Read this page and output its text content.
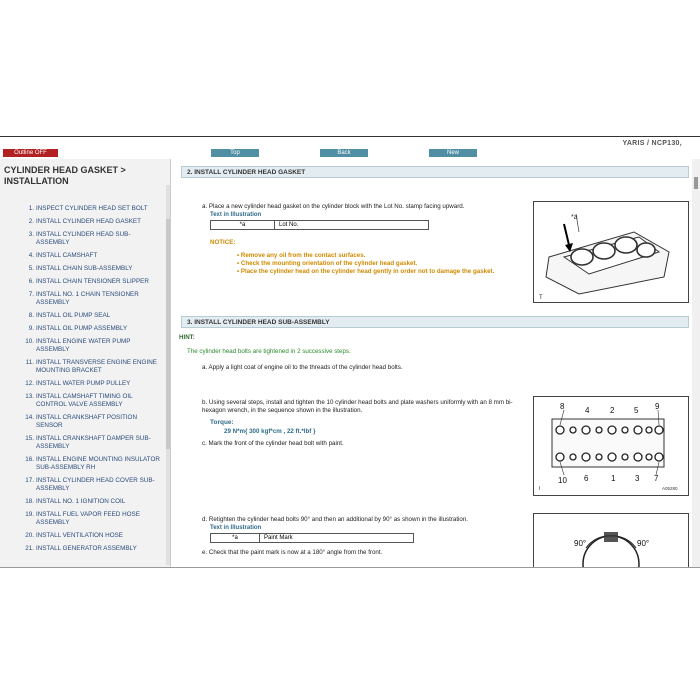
Outline OFF	Top	Back	New
YARIS / NCP130,
CYLINDER HEAD GASKET > INSTALLATION
1. INSPECT CYLINDER HEAD SET BOLT
2. INSTALL CYLINDER HEAD GASKET
3. INSTALL CYLINDER HEAD SUB-ASSEMBLY
4. INSTALL CAMSHAFT
5. INSTALL CHAIN SUB-ASSEMBLY
6. INSTALL CHAIN TENSIONER SLIPPER
7. INSTALL NO. 1 CHAIN TENSIONER ASSEMBLY
8. INSTALL OIL PUMP SEAL
9. INSTALL OIL PUMP ASSEMBLY
10. INSTALL ENGINE WATER PUMP ASSEMBLY
11. INSTALL TRANSVERSE ENGINE ENGINE MOUNTING BRACKET
12. INSTALL WATER PUMP PULLEY
13. INSTALL CAMSHAFT TIMING OIL CONTROL VALVE ASSEMBLY
14. INSTALL CRANKSHAFT POSITION SENSOR
15. INSTALL CRANKSHAFT DAMPER SUB-ASSEMBLY
16. INSTALL ENGINE MOUNTING INSULATOR SUB-ASSEMBLY RH
17. INSTALL CYLINDER HEAD COVER SUB-ASSEMBLY
18. INSTALL NO. 1 IGNITION COIL
19. INSTALL FUEL VAPOR FEED HOSE ASSEMBLY
20. INSTALL VENTILATION HOSE
21. INSTALL GENERATOR ASSEMBLY
2. INSTALL CYLINDER HEAD GASKET
a. Place a new cylinder head gasket on the cylinder block with the Lot No. stamp facing upward.
Text in Illustration
*a	Lot No.
NOTICE:
• Remove any oil from the contact surfaces.
• Check the mounting orientation of the cylinder head gasket.
• Place the cylinder head on the cylinder head gently in order not to damage the gasket.
T
*a
3. INSTALL CYLINDER HEAD SUB-ASSEMBLY
HINT:
The cylinder head bolts are tightened in 2 successive steps.
a. Apply a light coat of engine oil to the threads of the cylinder head bolts.
b. Using several steps, install and tighten the 10 cylinder head bolts and plate washers uniformly with an 8 mm bi-hexagon wrench, in the sequence shown in the illustration.
Torque:
29 N*m{ 300 kgf*cm , 22 ft.*lbf }
c. Mark the front of the cylinder head bolt with paint.
8	4	2 5 9
10 6	1 3 7
I	A05280
d. Retighten the cylinder head bolts 90° and then an additional by 90° as shown in the illustration.
Text in Illustration
*a	Paint Mark
e. Check that the paint mark is now at a 180° angle from the front.
90°	90°
